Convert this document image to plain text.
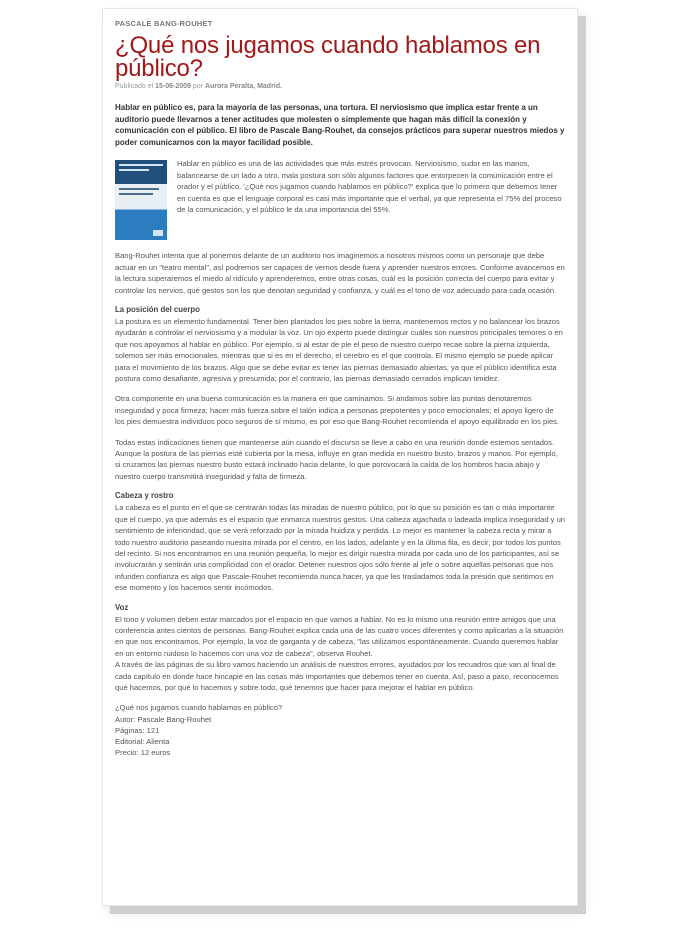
PASCALE BANG-ROUHET
¿Qué nos jugamos cuando hablamos en público?
Publicado el 15-06-2009 por Aurora Peralta, Madrid.
Hablar en público es, para la mayoría de las personas, una tortura. El nerviosismo que implica estar frente a un auditorio puede llevarnos a tener actitudes que molesten o simplemente que hagan más difícil la conexión y comunicación con el público. El libro de Pascale Bang-Rouhet, da consejos prácticos para superar nuestros miedos y poder comunicarnos con la mayor facilidad posible.

Hablar en público es una de las actividades que más estrés provocan. Nerviosismo, sudor en las manos, balancearse de un lado a otro, mala postura son sólo algunos factores que entorpecen la comunicación entre el orador y el público. '¿Qué nos jugamos cuando hablamos en público?' explica que lo primero que debemos tener en cuenta es que el lenguaje corporal es casi más importante que el verbal, ya que representa el 75% del proceso de la comunicación, y el público le da una importancia del 55%.

Bang-Rouhet intenta que al ponernos delante de un auditorio nos imaginemos a nosotros mismos como un personaje que debe actuar en un "teatro mental", así podremos ser capaces de vernos desde fuera y aprender nuestros errores. Conforme avancemos en la lectura superaremos el miedo al ridículo y aprenderemos, entre otras cosas, cuál es la posición correcta del cuerpo para evitar y controlar los nervios, qué gestos son los que denotan seguridad y confianza, y cuál es el tono de voz adecuado para cada ocasión.

La posición del cuerpo

La postura es un elemento fundamental. Tener bien plantados los pies sobre la tierra, mantenernos rectos y no balancear los brazos ayudarán a controlar el nerviosismo y a modular la voz. Un ojo experto puede distinguir cuáles son nuestros principales temores o en que nos apoyamos al hablar en público. Por ejemplo, si al estar de pie el peso de nuestro cuerpo recae sobre la pierna izquierda, solemos ser más emocionales, mientras que si es en el derecho, el cerebro es el que controla. El mismo ejemplo se puede aplicar para el movimiento de los brazos. Algo que se debe evitar es tener las piernas demasiado abiertas, ya que el público identifica esta postura como desafiante, agresiva y presumida; por el contrario, las piernas demasiado cerrados implican timidez.

Otra componente en una buena comunicación es la manera en que caminamos. Si andamos sobre las puntas denotaremos inseguridad y poca firmeza; hacer más fuerza sobre el talón indica a personas prepotentes y poco emocionales; el apoyo ligero de los pies demuestra individuos poco seguros de sí mismo, es por eso que Bang-Rouhet recomienda el apoyo equilibrado en los pies.

Todas estas indicaciones tienen que mantenerse aún cuando el discurso se lleve a cabo en una reunión donde estemos sentados. Aunque la postura de las piernas esté cubierta por la mesa, influye en gran medida en nuestro busto, brazos y manos. Por ejemplo, si cruzamos las piernas nuestro busto estará inclinado hacia delante, lo que porovocará la caída de los hombros hacia abajo y nuestro cuerpo transmitirá inseguridad y falta de firmeza.

Cabeza y rostro

La cabeza es el punto en el que se centrarán todas las miradas de nuestro público, por lo que su posición es tan o más importante que el cuerpo, ya que además es el espacio que enmarca nuestros gestos. Una cabeza agachada o ladeada implica inseguridad y un sentimiento de inferioridad, que se verá reforzado por la mirada huidiza y perdida. Lo mejor es mantener la cabeza recta y mirar a todo nuestro auditorio paseando nuestra mirada por el centro, en los lados, adelante y en la última fila, es decir, por todos los puntos del recinto. Si nos encontramos en una reunión pequeña, lo mejor es dirigir nuestra mirada por cada uno de los participantes, así se involucrarán y sentirán una complicidad con el orador. Detener nuestros ojos sólo frente al jefe o sobre aquellas personas que nos infunden confianza es algo que Pascale-Rouhet recomienda nunca hacer, ya que les trasladamos toda la presión que sentimos en ese momento y los hacemos sentir incómodos.

Voz

El tono y volumen deben estar marcados por el espacio en que vamos a hablar. No es lo mismo una reunión entre amigos que una conferencia antes cientos de personas. Bang-Rouhet explica cada una de las cuatro voces diferentes y como aplicarlas a la situación en que nos encontramos. Por ejemplo, la voz de garganta y de cabeza, "las utilizamos espontáneamente. Cuando queremos hablar en un entorno ruidoso lo hacemos con una voz de cabeza", observa Rouhet.

A través de las páginas de su libro vamos haciendo un análisis de nuestros errores, ayudados por los recuadros que van al final de cada capítulo en donde hace hincapié en las cosas más importantes que debemos tener en cuenta. Así, paso a paso, reconocemos qué hacemos, por qué lo hacemos y sobre todo, qué tenemos que hacer para mejorar el hablar en público.

¿Qué nos jugamos cuando hablamos en público?
Autor: Pascale Bang-Rouhet
Páginas: 121
Editorial: Alienta
Precio: 12 euros
